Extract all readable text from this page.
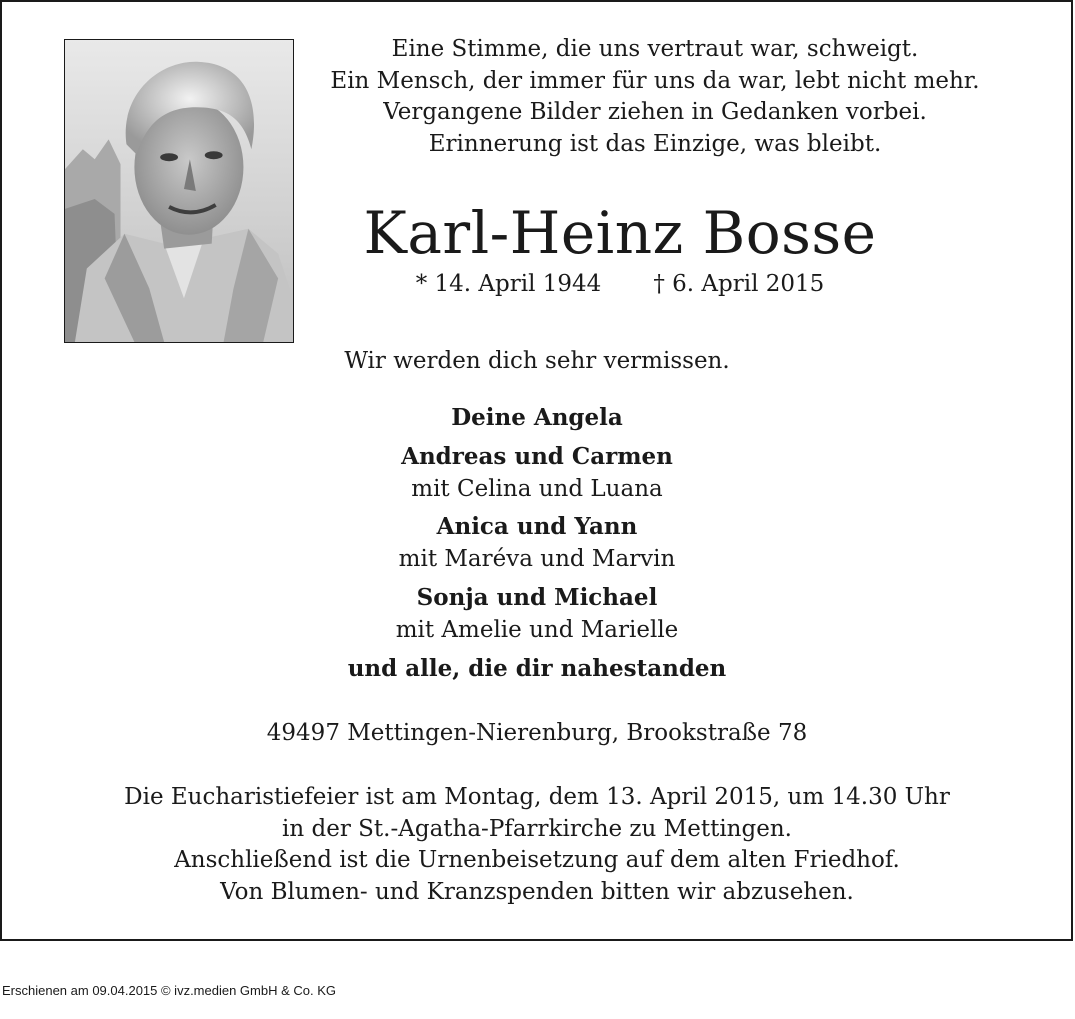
Eine Stimme, die uns vertraut war, schweigt.
Ein Mensch, der immer für uns da war, lebt nicht mehr.
Vergangene Bilder ziehen in Gedanken vorbei.
Erinnerung ist das Einzige, was bleibt.
Karl-Heinz Bosse
* 14. April 1944 † 6. April 2015
Wir werden dich sehr vermissen.
Deine Angela
Andreas und Carmen
mit Celina und Luana
Anica und Yann
mit Maréva und Marvin
Sonja und Michael
mit Amelie und Marielle
und alle, die dir nahestanden
49497 Mettingen-Nierenburg, Brookstraße 78
Die Eucharistiefeier ist am Montag, dem 13. April 2015, um 14.30 Uhr
in der St.-Agatha-Pfarrkirche zu Mettingen.
Anschließend ist die Urnenbeisetzung auf dem alten Friedhof.
Von Blumen- und Kranzspenden bitten wir abzusehen.
Erschienen am 09.04.2015 © ivz.medien GmbH & Co. KG
